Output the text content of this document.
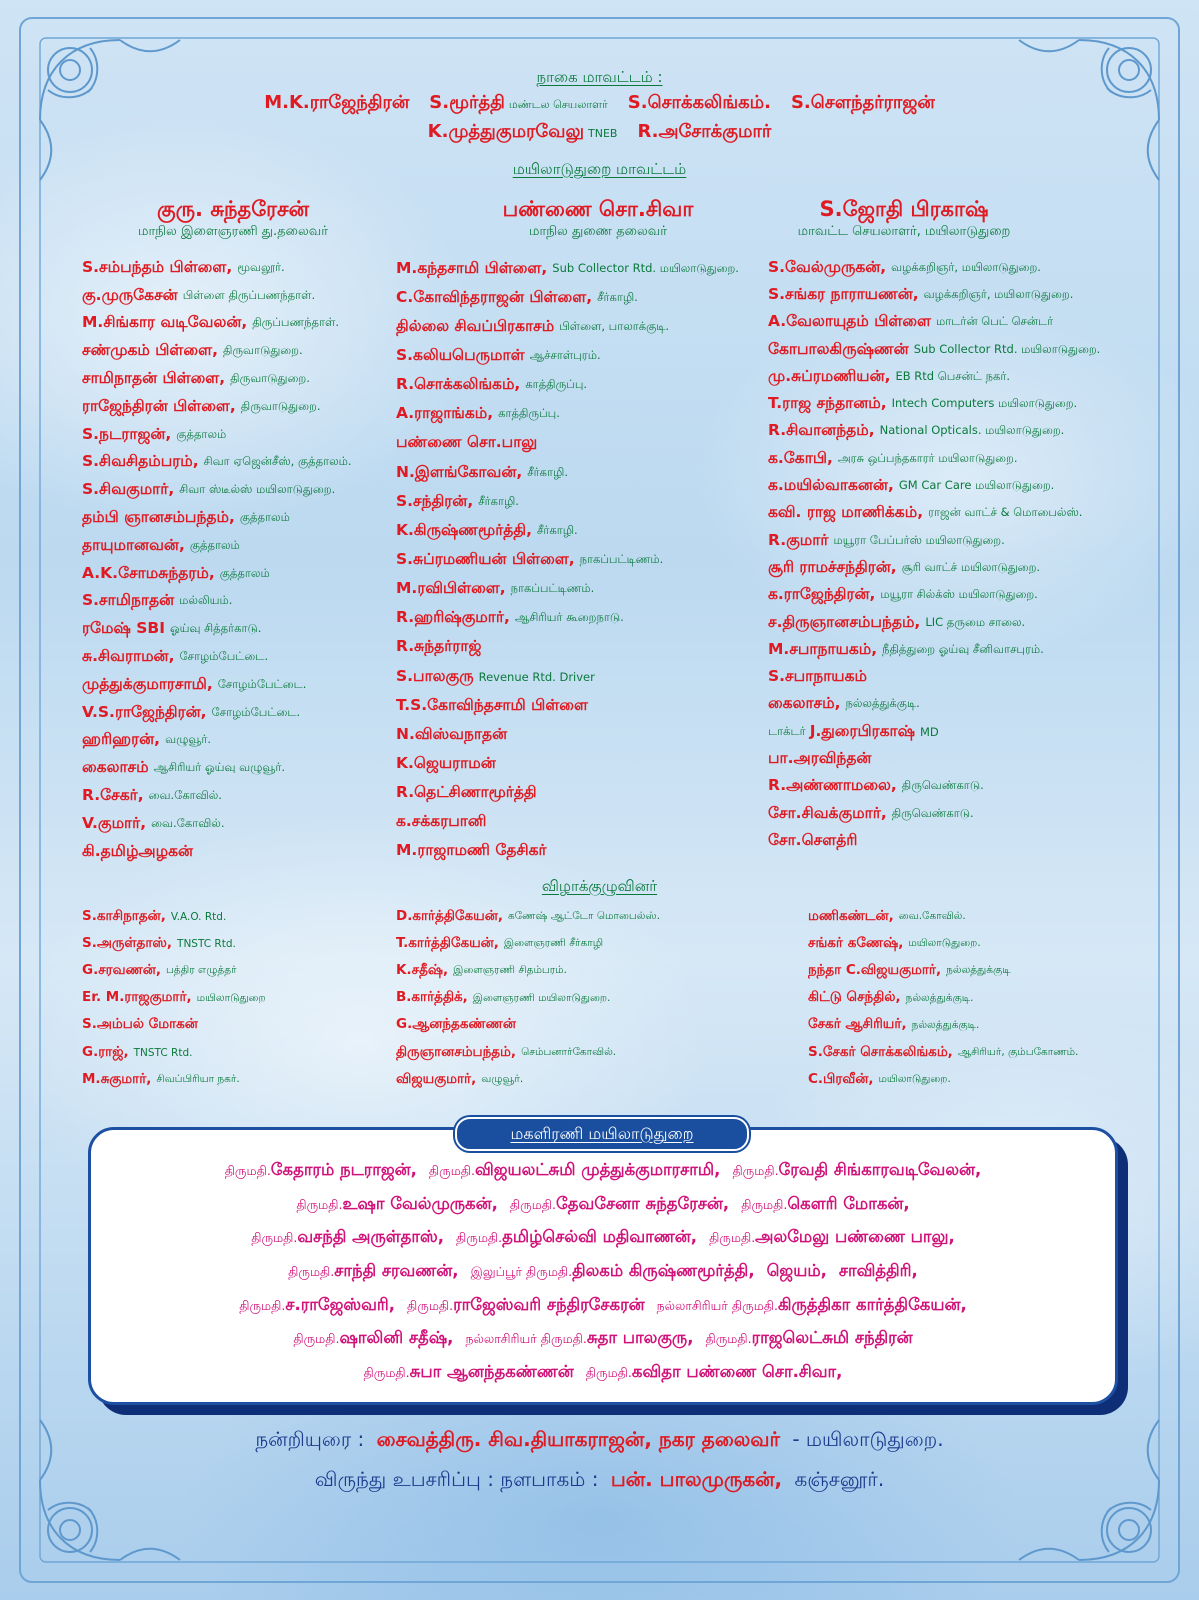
நாகை மாவட்டம் :
M.K.ராஜேந்திரன் S.மூர்த்தி மண்டல செயலாளர் S.சொக்கலிங்கம். S.சௌந்தர்ராஜன்
K.முத்துகுமரவேலு TNEB R.அசோக்குமார்
மயிலாடுதுறை மாவட்டம்
குரு. சுந்தரேசன்
மாநில இளைஞரணி து.தலைவர்
பண்ணை சொ.சிவா
மாநில துணை தலைவர்
S.ஜோதி பிரகாஷ்
மாவட்ட செயலாளர், மயிலாடுதுறை
S.சம்பந்தம் பிள்ளை, மூவலூர்.
கு.முருகேசன் பிள்ளை திருப்பணந்தாள்.
M.சிங்கார வடிவேலன், திருப்பணந்தாள்.
சண்முகம் பிள்ளை, திருவாடுதுறை.
சாமிநாதன் பிள்ளை, திருவாடுதுறை.
ராஜேந்திரன் பிள்ளை, திருவாடுதுறை.
S.நடராஜன், குத்தாலம்
S.சிவசிதம்பரம், சிவா ஏஜென்சீஸ், குத்தாலம்.
S.சிவகுமார், சிவா ஸ்டீல்ஸ் மயிலாடுதுறை.
தம்பி ஞானசம்பந்தம், குத்தாலம்
தாயுமானவன், குத்தாலம்
A.K.சோமசுந்தரம், குத்தாலம்
S.சாமிநாதன் மல்லியம்.
ரமேஷ் SBI ஓய்வு சித்தர்காடு.
சு.சிவராமன், சோழம்பேட்டை.
முத்துக்குமாரசாமி, சோழம்பேட்டை.
V.S.ராஜேந்திரன், சோழம்பேட்டை.
ஹரிஹரன், வழுவூர்.
கைலாசம் ஆசிரியர் ஓய்வு வழுவூர்.
R.சேகர், வை.கோவில்.
V.குமார், வை.கோவில்.
கி.தமிழ்அழகன்
M.கந்தசாமி பிள்ளை, Sub Collector Rtd. மயிலாடுதுறை.
C.கோவிந்தராஜன் பிள்ளை, சீர்காழி.
தில்லை சிவப்பிரகாசம் பிள்ளை, பாலாக்குடி.
S.கலியபெருமாள் ஆச்சாள்புரம்.
R.சொக்கலிங்கம், காத்திருப்பு.
A.ராஜாங்கம், காத்திருப்பு.
பண்ணை சொ.பாலு
N.இளங்கோவன், சீர்காழி.
S.சந்திரன், சீர்காழி.
K.கிருஷ்ணமூர்த்தி, சீர்காழி.
S.சுப்ரமணியன் பிள்ளை, நாகப்பட்டிணம்.
M.ரவிபிள்ளை, நாகப்பட்டிணம்.
R.ஹரிஷ்குமார், ஆசிரியர் கூறைநாடு.
R.சுந்தர்ராஜ்
S.பாலகுரு Revenue Rtd. Driver
T.S.கோவிந்தசாமி பிள்ளை
N.விஸ்வநாதன்
K.ஜெயராமன்
R.தெட்சிணாமூர்த்தி
க.சக்கரபானி
M.ராஜாமணி தேசிகர்
S.வேல்முருகன், வழக்கறிஞர், மயிலாடுதுறை.
S.சங்கர நாராயணன், வழக்கறிஞர், மயிலாடுதுறை.
A.வேலாயுதம் பிள்ளை மாடர்ன் பெட் சென்டர்
கோபாலகிருஷ்ணன் Sub Collector Rtd. மயிலாடுதுறை.
மு.சுப்ரமணியன், EB Rtd பெசன்ட் நகர்.
T.ராஜ சந்தானம், Intech Computers மயிலாடுதுறை.
R.சிவானந்தம், National Opticals. மயிலாடுதுறை.
க.கோபி, அரசு ஒப்பந்தகாரர் மயிலாடுதுறை.
க.மயில்வாகனன், GM Car Care மயிலாடுதுறை.
கவி. ராஜ மாணிக்கம், ராஜன் வாட்ச் & மொபைல்ஸ்.
R.குமார் மயூரா பேப்பர்ஸ் மயிலாடுதுறை.
சூரி ராமச்சந்திரன், சூரி வாட்ச் மயிலாடுதுறை.
க.ராஜேந்திரன், மயூரா சில்க்ஸ் மயிலாடுதுறை.
ச.திருஞானசம்பந்தம், LIC தருமை சாலை.
M.சபாநாயகம், நீதித்துறை ஓய்வு சீனிவாசபுரம்.
S.சபாநாயகம்
கைலாசம், நல்லத்துக்குடி.
டாக்டர் J.துரைபிரகாஷ் MD
பா.அரவிந்தன்
R.அண்ணாமலை, திருவெண்காடு.
சோ.சிவக்குமார், திருவெண்காடு.
சோ.சௌத்ரி
விழாக்குழுவினர்
S.காசிநாதன், V.A.O. Rtd.
S.அருள்தாஸ், TNSTC Rtd.
G.சரவணன், பத்திர எழுத்தர்
Er. M.ராஜகுமார், மயிலாடுதுறை
S.அம்பல் மோகன்
G.ராஜ், TNSTC Rtd.
M.சுகுமார், சிவப்பிரியா நகர்.
D.கார்த்திகேயன், கணேஷ் ஆட்டோ மொபைல்ஸ்.
T.கார்த்திகேயன், இளைஞரணி சீர்காழி
K.சதீஷ், இளைஞரணி சிதம்பரம்.
B.கார்த்திக், இளைஞரணி மயிலாடுதுறை.
G.ஆனந்தகண்ணன்
திருஞானசம்பந்தம், செம்பனார்கோவில்.
விஜயகுமார், வழுவூர்.
மணிகண்டன், வை.கோவில்.
சங்கர் கணேஷ், மயிலாடுதுறை.
நந்தா C.விஜயகுமார், நல்லத்துக்குடி
கிட்டு செந்தில், நல்லத்துக்குடி.
சேகர் ஆசிரியர், நல்லத்துக்குடி.
S.சேகர் சொக்கலிங்கம், ஆசிரியர், கும்பகோணம்.
C.பிரவீன், மயிலாடுதுறை.
மகளிரணி மயிலாடுதுறை
திருமதி.கேதாரம் நடராஜன், திருமதி.விஜயலட்சுமி முத்துக்குமாரசாமி, திருமதி.ரேவதி சிங்காரவடிவேலன்,
திருமதி.உஷா வேல்முருகன், திருமதி.தேவசேனா சுந்தரேசன், திருமதி.கௌரி மோகன்,
திருமதி.வசந்தி அருள்தாஸ், திருமதி.தமிழ்செல்வி மதிவாணன், திருமதி.அலமேலு பண்ணை பாலு,
திருமதி.சாந்தி சரவணன், இலுப்பூர் திருமதி.திலகம் கிருஷ்ணமூர்த்தி, ஜெயம், சாவித்திரி,
திருமதி.ச.ராஜேஸ்வரி, திருமதி.ராஜேஸ்வரி சந்திரசேகரன் நல்லாசிரியர் திருமதி.கிருத்திகா கார்த்திகேயன்,
திருமதி.ஷாலினி சதீஷ், நல்லாசிரியர் திருமதி.சுதா பாலகுரு, திருமதி.ராஜலெட்சுமி சந்திரன்
திருமதி.சுபா ஆனந்தகண்ணன் திருமதி.கவிதா பண்ணை சொ.சிவா,
நன்றியுரை : சைவத்திரு. சிவ.தியாகராஜன், நகர தலைவர் - மயிலாடுதுறை.
விருந்து உபசரிப்பு : நளபாகம் : பன். பாலமுருகன், கஞ்சனூர்.
